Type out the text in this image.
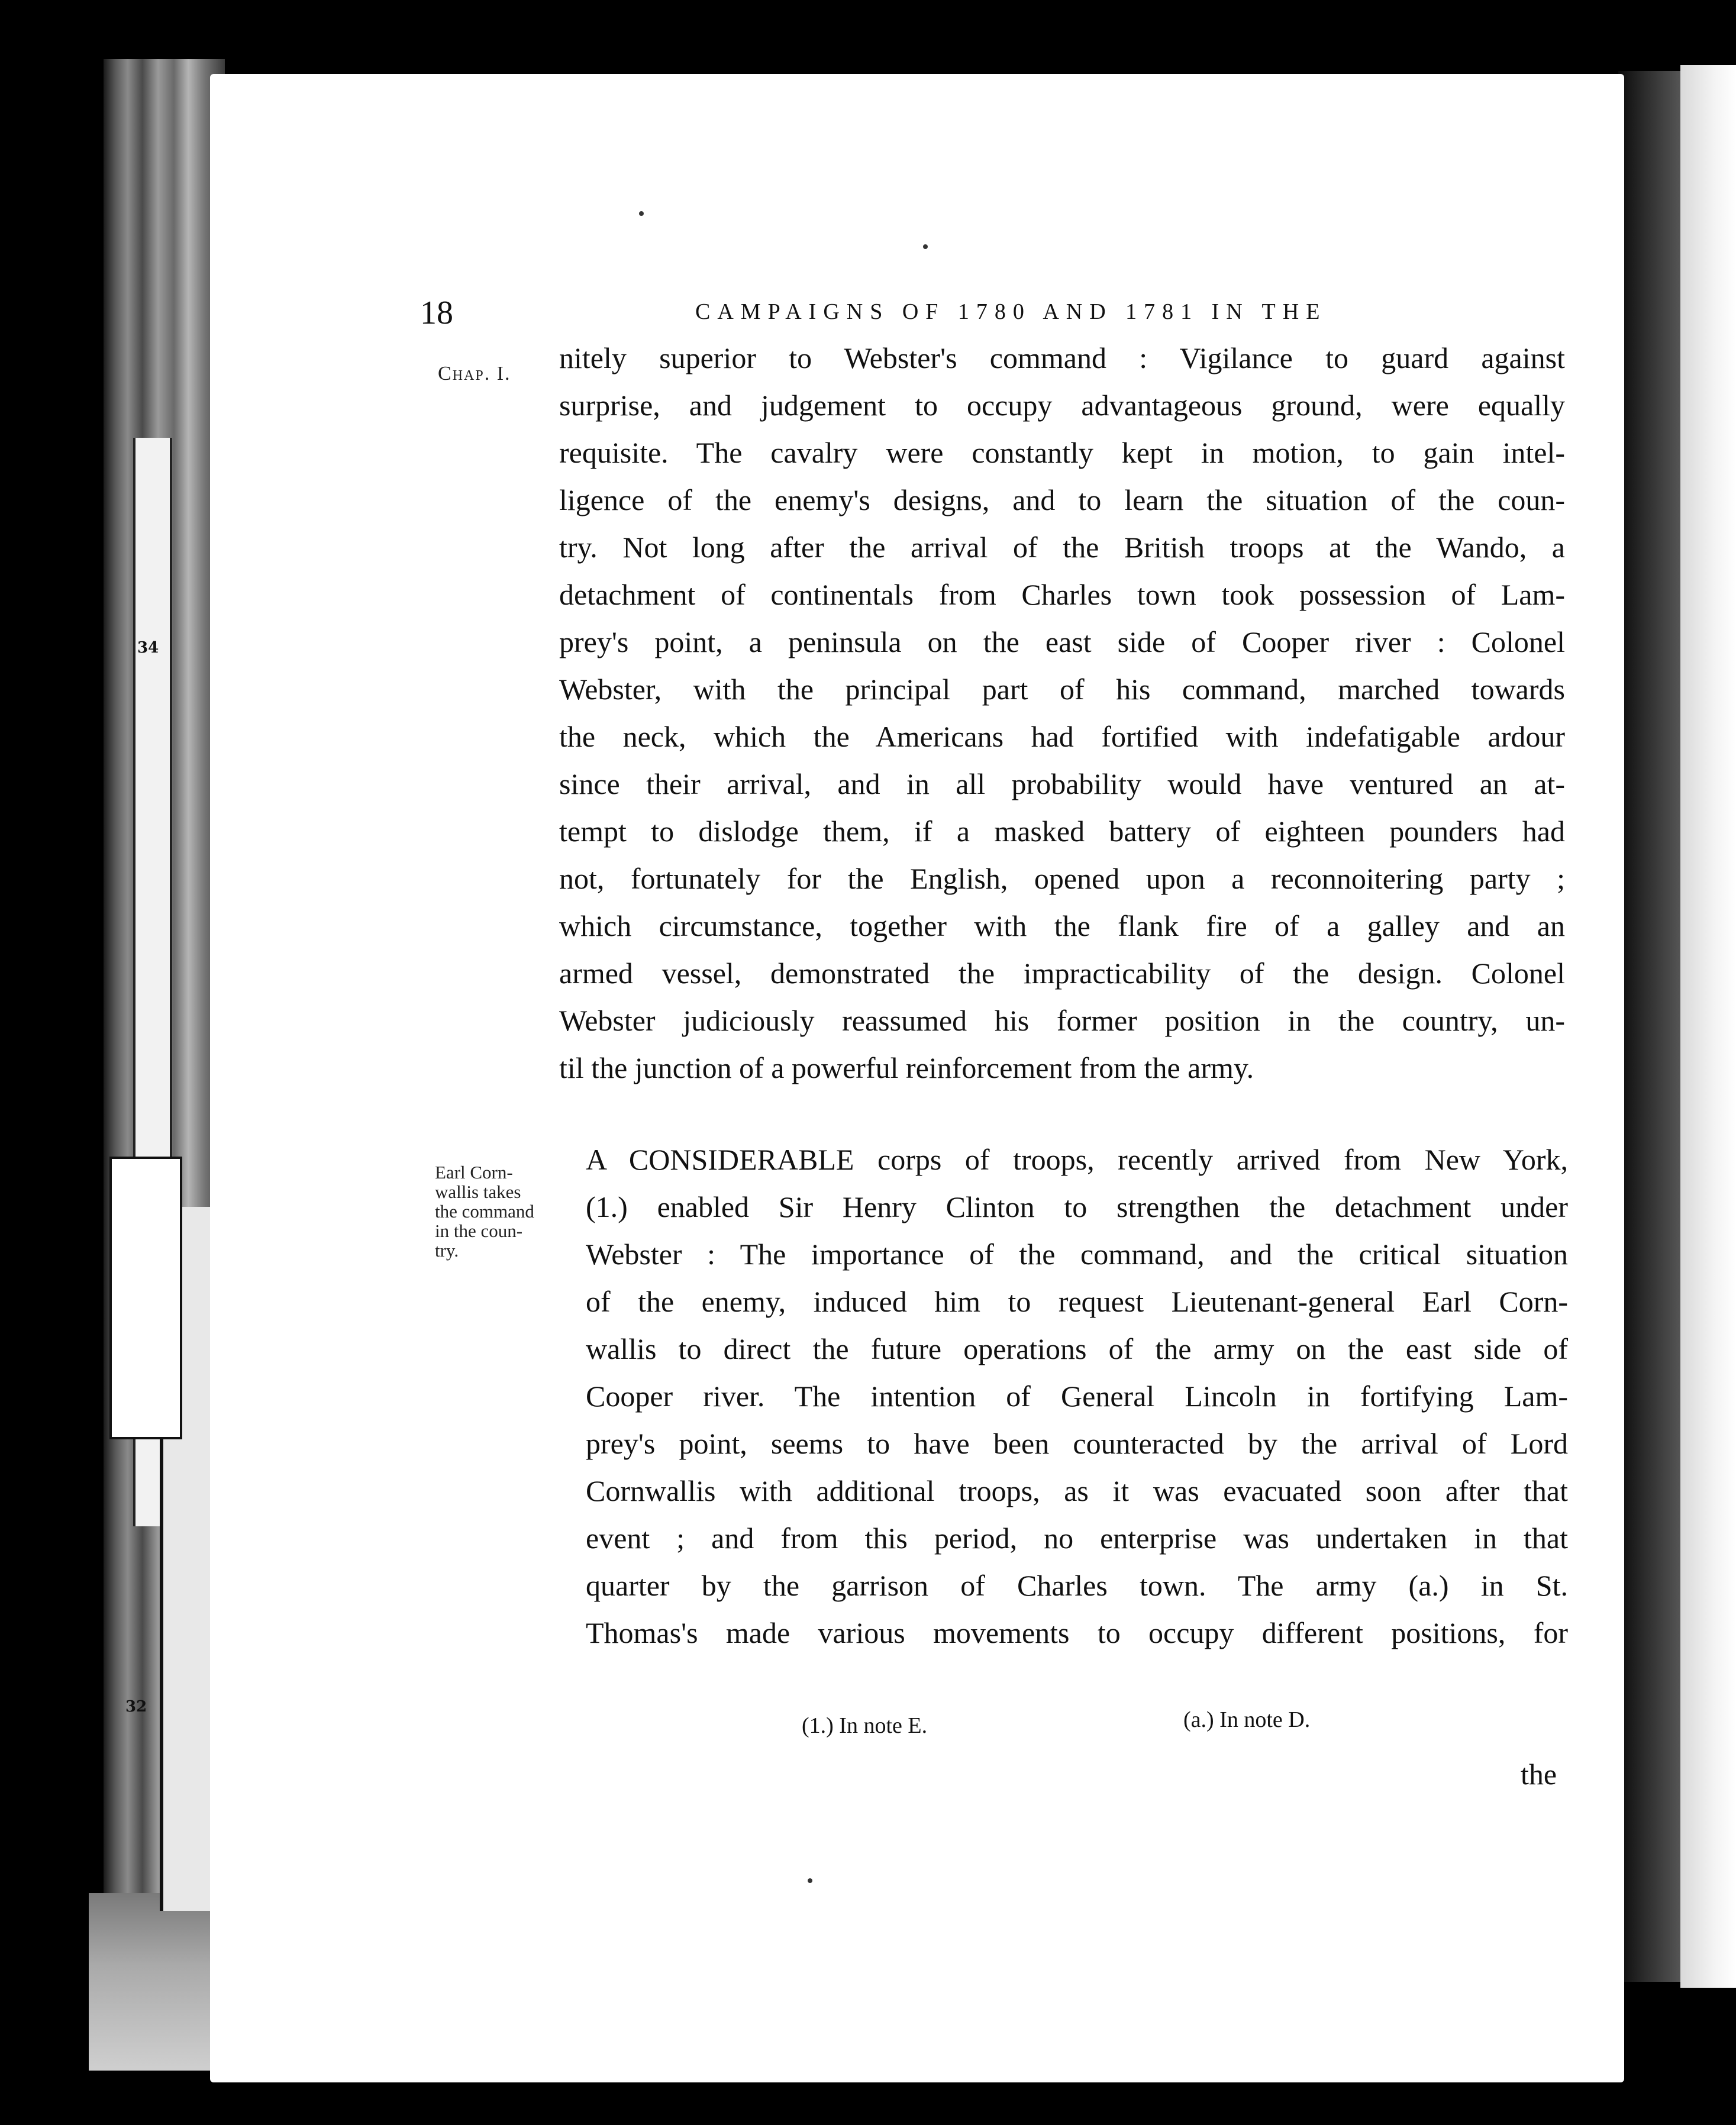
34
32
18	CAMPAIGNS OF 1780 AND 1781 IN THE
Chap. I.
Earl Corn-
wallis takes
the command
in the coun-
try.
nitely superior to Webster's command : Vigilance to guard against
surprise, and judgement to occupy advantageous ground, were equally
requisite. The cavalry were constantly kept in motion, to gain intel-
ligence of the enemy's designs, and to learn the situation of the coun-
try. Not long after the arrival of the British troops at the Wando, a
detachment of continentals from Charles town took possession of Lam-
prey's point, a peninsula on the east side of Cooper river : Colonel
Webster, with the principal part of his command, marched towards
the neck, which the Americans had fortified with indefatigable ardour
since their arrival, and in all probability would have ventured an at-
tempt to dislodge them, if a masked battery of eighteen pounders had
not, fortunately for the English, opened upon a reconnoitering party ;
which circumstance, together with the flank fire of a galley and an
armed vessel, demonstrated the impracticability of the design. Colonel
Webster judiciously reassumed his former position in the country, un-
til the junction of a powerful reinforcement from the army.
A CONSIDERABLE corps of troops, recently arrived from New York,
(1.) enabled Sir Henry Clinton to strengthen the detachment under
Webster : The importance of the command, and the critical situation
of the enemy, induced him to request Lieutenant-general Earl Corn-
wallis to direct the future operations of the army on the east side of
Cooper river. The intention of General Lincoln in fortifying Lam-
prey's point, seems to have been counteracted by the arrival of Lord
Cornwallis with additional troops, as it was evacuated soon after that
event ; and from this period, no enterprise was undertaken in that
quarter by the garrison of Charles town. The army (a.) in St.
Thomas's made various movements to occupy different positions, for
(1.) In note E.	(a.) In note D.
the
